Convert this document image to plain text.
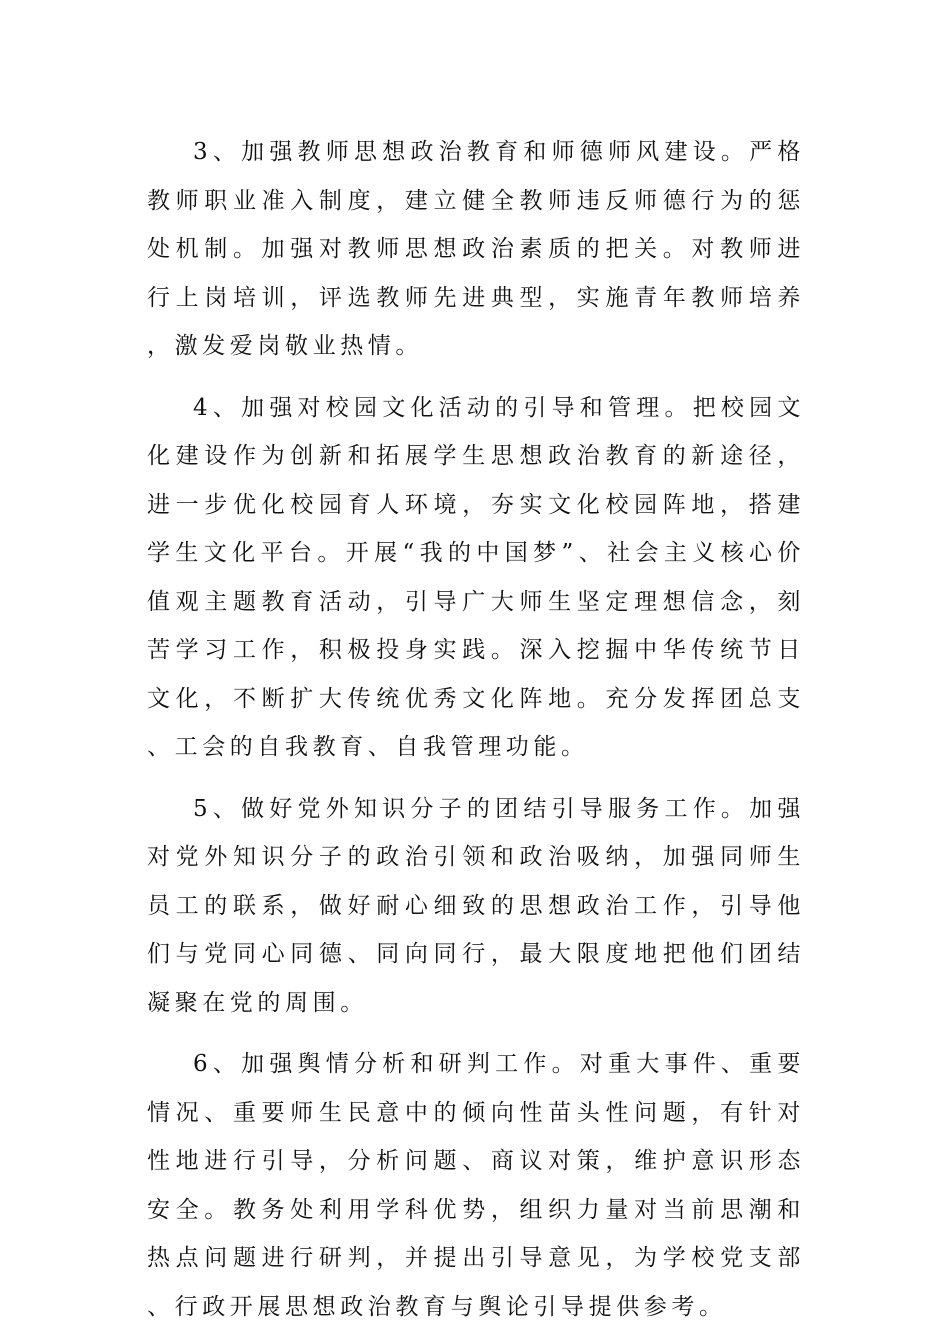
3、加强教师思想政治教育和师德师风建设。严格教师职业准入制度，建立健全教师违反师德行为的惩处机制。加强对教师思想政治素质的把关。对教师进行上岗培训，评选教师先进典型，实施青年教师培养，激发爱岗敬业热情。

4、加强对校园文化活动的引导和管理。把校园文化建设作为创新和拓展学生思想政治教育的新途径，进一步优化校园育人环境，夯实文化校园阵地，搭建学生文化平台。开展“我的中国梦”、社会主义核心价值观主题教育活动，引导广大师生坚定理想信念，刻苦学习工作，积极投身实践。深入挖掘中华传统节日文化，不断扩大传统优秀文化阵地。充分发挥团总支、工会的自我教育、自我管理功能。

5、做好党外知识分子的团结引导服务工作。加强对党外知识分子的政治引领和政治吸纳，加强同师生员工的联系，做好耐心细致的思想政治工作，引导他们与党同心同德、同向同行，最大限度地把他们团结凝聚在党的周围。

6、加强舆情分析和研判工作。对重大事件、重要情况、重要师生民意中的倾向性苗头性问题，有针对性地进行引导，分析问题、商议对策，维护意识形态安全。教务处利用学科优势，组织力量对当前思潮和热点问题进行研判，并提出引导意见，为学校党支部、行政开展思想政治教育与舆论引导提供参考。
